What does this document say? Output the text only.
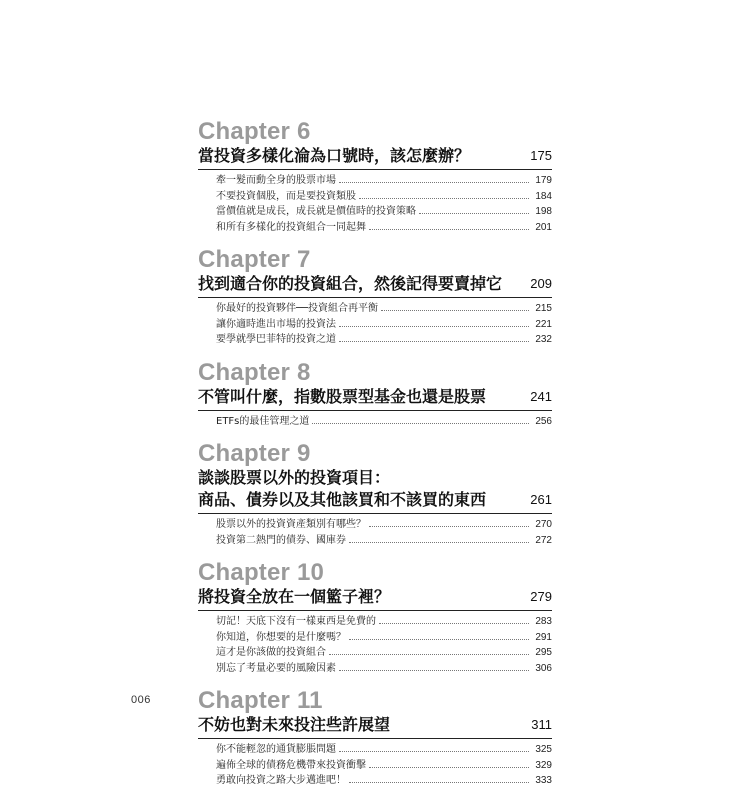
Chapter 6
當投資多樣化淪為口號時，該怎麼辦？	175
牽一髮而動全身的股票市場	179
不要投資個股，而是要投資類股	184
當價值就是成長，成長就是價值時的投資策略	198
和所有多樣化的投資組合一同起舞	201
Chapter 7
找到適合你的投資組合，然後記得要賣掉它 209
你最好的投資夥伴──投資組合再平衡	215
讓你適時進出市場的投資法	221
要學就學巴菲特的投資之道	232
Chapter 8
不管叫什麼，指數股票型基金也還是股票	241
ETFs的最佳管理之道	256
Chapter 9
談談股票以外的投資項目：
商品、債券以及其他該買和不該買的東西	261
股票以外的投資資產類別有哪些？	270
投資第二熱門的債券、國庫券	272
Chapter 10
將投資全放在一個籃子裡？	279
切記！天底下沒有一樣東西是免費的	283
你知道，你想要的是什麼嗎？	291
這才是你該做的投資組合	295
別忘了考量必要的風險因素	306
Chapter 11
不妨也對未來投注些許展望	311
你不能輕忽的通貨膨脹問題	325
遍佈全球的債務危機帶來投資衝擊	329
勇敢向投資之路大步邁進吧！	333
006
